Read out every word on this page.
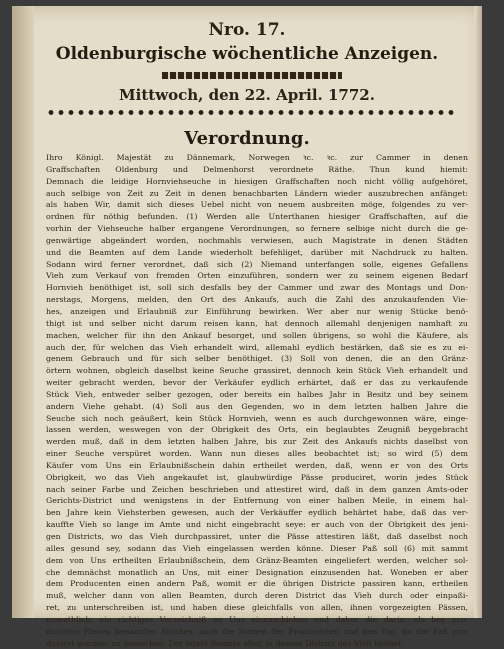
Nro. 17.
Oldenburgische wöchentliche Anzeigen.
Mittwoch, den 22. April. 1772.
Verordnung.
Ihro Königl. Majestät zu Dännemark, Norwegen ꝛc. ꝛc. zur Cammer in denen
Graffschaften Oldenburg und Delmenhorst verordnete Räthe. Thun kund hiemit:
Demnach die leidige Hornviehseuche in hiesigen Graffschaften noch nicht völlig aufgehöret,
auch selbige von Zeit zu Zeit in denen benachbarten Ländern wieder auszubrechen anfänget:
als haben Wir, damit sich dieses Uebel nicht von neuem ausbreiten möge, folgendes zu ver-
ordnen für nöthig befunden. (1) Werden alle Unterthanen hiesiger Graffschaften, auf die
vorhin der Viehseuche halber ergangene Verordnungen, so fernere selbige nicht durch die ge-
genwärtige abgeändert worden, nochmahls verwiesen, auch Magistrate in denen Städten
und die Beamten auf dem Lande wiederholt befehliget, darüber mit Nachdruck zu halten.
Sodann wird ferner verordnet, daß sich (2) Niemand unterfangen solle, eigenes Gefallens
Vieh zum Verkauf von fremden Orten einzuführen, sondern wer zu seinem eigenen Bedarf
Hornvieh benöthiget ist, soll sich desfalls bey der Cammer und zwar des Montags und Don-
nerstags, Morgens, melden, den Ort des Ankaufs, auch die Zahl des anzukaufenden Vie-
hes, anzeigen und Erlaubniß zur Einführung bewirken. Wer aber nur wenig Stücke benö-
thigt ist und selber nicht darum reisen kann, hat dennoch allemahl denjenigen namhaft zu
machen, welcher für ihn den Ankauf besorget, und sollen übrigens, so wohl die Käufere, als
auch der, für welchen das Vieh erhandelt wird, allemahl eydlich bestärken, daß sie es zu ei-
genem Gebrauch und für sich selber benöthiget. (3) Soll von denen, die an den Gränz-
örtern wohnen, obgleich daselbst keine Seuche grassiret, dennoch kein Stück Vieh erhandelt und
weiter gebracht werden, bevor der Verkäufer eydlich erhärtet, daß er das zu verkaufende
Stück Vieh, entweder selber gezogen, oder bereits ein halbes Jahr in Besitz und bey seinem
andern Viehe gehabt. (4) Soll aus den Gegenden, wo in dem letzten halben Jahre die
Seuche sich noch geäußert, kein Stück Hornvieh, wenn es auch durchgewonnen wäre, einge-
lassen werden, weswegen von der Obrigkeit des Orts, ein beglaubtes Zeugniß beygebracht
werden muß, daß in dem letzten halben Jahre, bis zur Zeit des Ankaufs nichts daselbst von
einer Seuche verspüret worden. Wann nun dieses alles beobachtet ist; so wird (5) dem
Käufer vom Uns ein Erlaubnißschein dahin ertheilet werden, daß, wenn er von des Orts
Obrigkeit, wo das Vieh angekaufet ist, glaubwürdige Pässe produciret, worin jedes Stück
nach seiner Farbe und Zeichen beschrieben und attestiret wird, daß in dem ganzen Amts-oder
Gerichts-District und wenigstens in der Entfernung von einer halben Meile, in einem hal-
ben Jahre kein Viehsterben gewesen, auch der Verkäuffer eydlich behärtet habe, daß das ver-
kauffte Vieh so lange im Amte und nicht eingebracht seye: er auch von der Obrigkeit des jeni-
gen Districts, wo das Vieh durchpassiret, unter die Pässe attestiren läßt, daß daselbst noch
alles gesund sey, sodann das Vieh eingelassen werden könne. Dieser Paß soll (6) mit sammt
dem von Uns ertheilten Erlaubnißschein, dem Gränz-Beamten eingeliefert werden, welcher sol-
che demnächst monatlich an Uns, mit einer Designation einzusenden hat. Woneben er aber
dem Producenten einen andern Paß, womit er die übrigen Districte passiren kann, ertheilen
muß, welcher dann von allen Beamten, durch deren District das Vieh durch oder einpaßi-
ret, zu unterschreiben ist, und haben diese gleichfalls von allen, ihnen vorgezeigten Pässen,
monathlich, ein richtiges Verzeichniß an Uns einzuschicken und daher die darin, als bey pro-
ducirten Pässen benannten Stückes, auch die Namen der Producenten und den Tag, da der Paß pro-
duciret worden, zu bemerken. Der letzte Beamte aber, in dessen District das Vieh bleibet,
